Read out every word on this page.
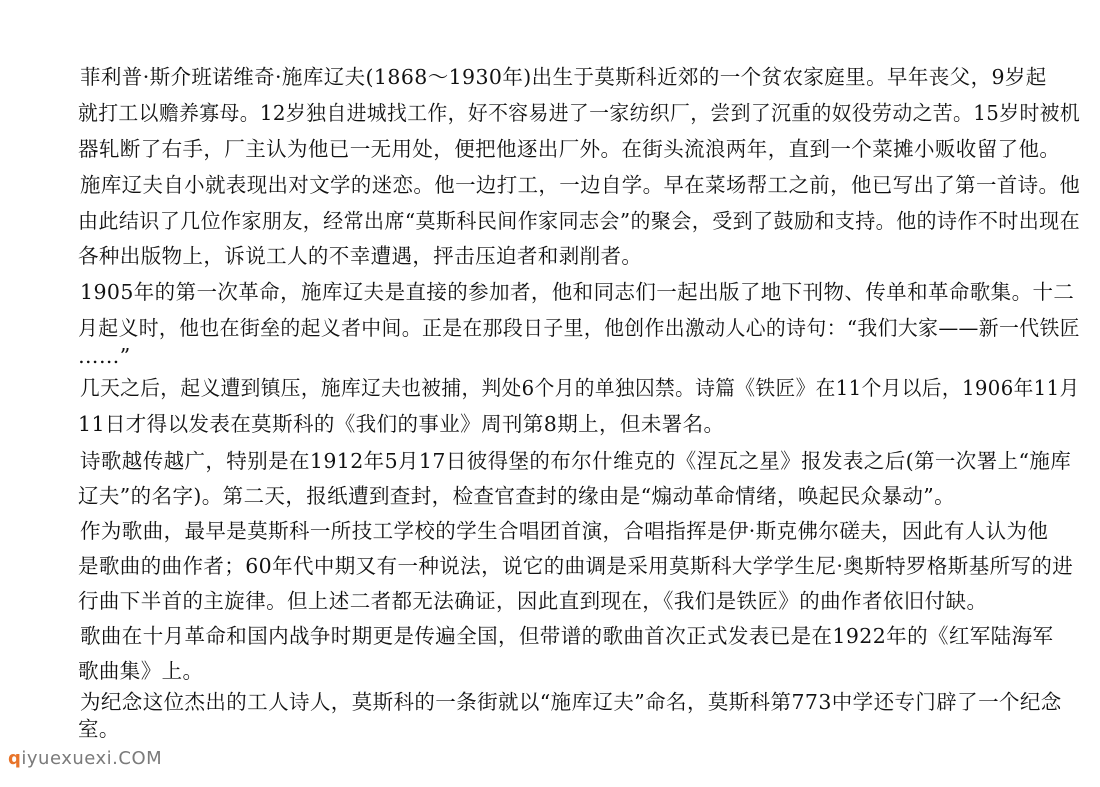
菲利普·斯介班诺维奇·施库辽夫(1868～1930年)出生于莫斯科近郊的一个贫农家庭里。早年丧父，9岁起
就打工以赡养寡母。12岁独自进城找工作，好不容易进了一家纺织厂，尝到了沉重的奴役劳动之苦。15岁时被机
器轧断了右手，厂主认为他已一无用处，便把他逐出厂外。在街头流浪两年，直到一个菜摊小贩收留了他。
施库辽夫自小就表现出对文学的迷恋。他一边打工，一边自学。早在菜场帮工之前，他已写出了第一首诗。他
由此结识了几位作家朋友，经常出席“莫斯科民间作家同志会”的聚会，受到了鼓励和支持。他的诗作不时出现在
各种出版物上，诉说工人的不幸遭遇，抨击压迫者和剥削者。
1905年的第一次革命，施库辽夫是直接的参加者，他和同志们一起出版了地下刊物、传单和革命歌集。十二
月起义时，他也在街垒的起义者中间。正是在那段日子里，他创作出激动人心的诗句：“我们大家——新一代铁匠
……”
几天之后，起义遭到镇压，施库辽夫也被捕，判处6个月的单独囚禁。诗篇《铁匠》在11个月以后，1906年11月
11日才得以发表在莫斯科的《我们的事业》周刊第8期上，但未署名。
诗歌越传越广，特别是在1912年5月17日彼得堡的布尔什维克的《涅瓦之星》报发表之后(第一次署上“施库
辽夫”的名字)。第二天，报纸遭到查封，检查官查封的缘由是“煽动革命情绪，唤起民众暴动”。
作为歌曲，最早是莫斯科一所技工学校的学生合唱团首演，合唱指挥是伊·斯克佛尔磋夫，因此有人认为他
是歌曲的曲作者；60年代中期又有一种说法，说它的曲调是采用莫斯科大学学生尼·奥斯特罗格斯基所写的进
行曲下半首的主旋律。但上述二者都无法确证，因此直到现在，《我们是铁匠》的曲作者依旧付缺。
歌曲在十月革命和国内战争时期更是传遍全国，但带谱的歌曲首次正式发表已是在1922年的《红军陆海军
歌曲集》上。
为纪念这位杰出的工人诗人，莫斯科的一条街就以“施库辽夫”命名，莫斯科第773中学还专门辟了一个纪念
室。
qiyuexuexi.COM
